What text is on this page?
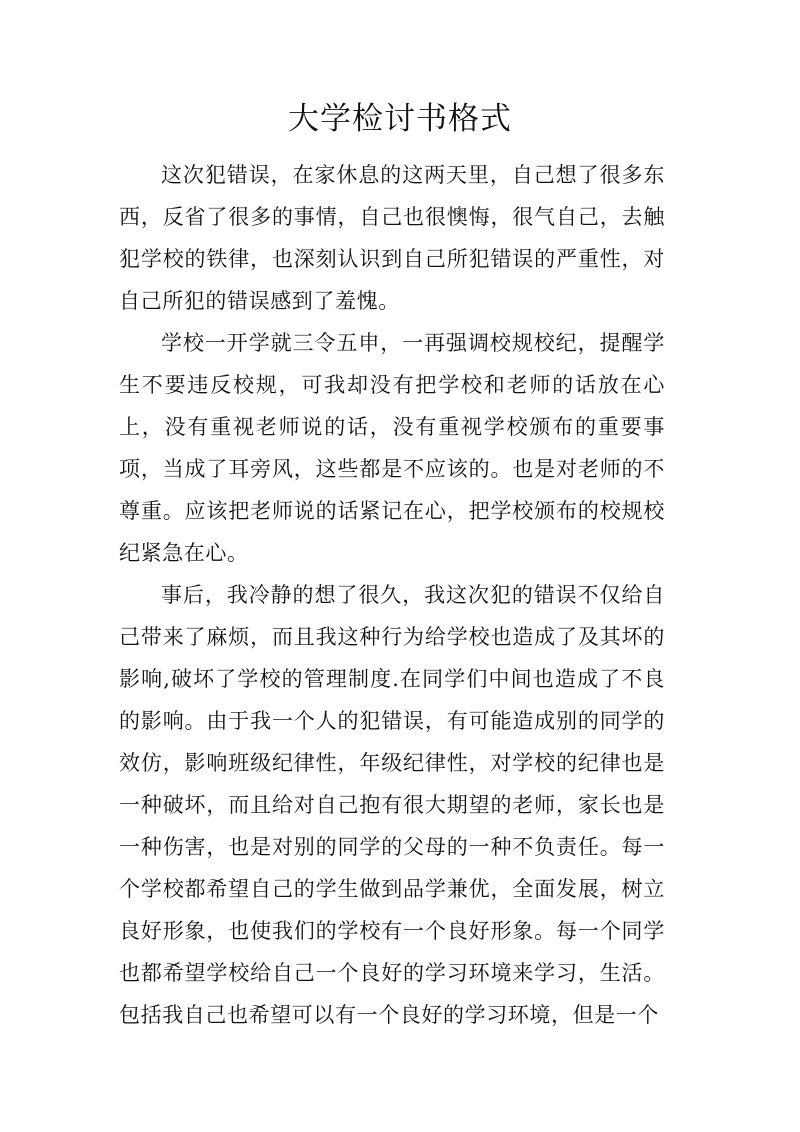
大学检讨书格式

这次犯错误，在家休息的这两天里，自己想了很多东西，反省了很多的事情，自己也很懊悔，很气自己，去触犯学校的铁律，也深刻认识到自己所犯错误的严重性，对自己所犯的错误感到了羞愧。

学校一开学就三令五申，一再强调校规校纪，提醒学生不要违反校规，可我却没有把学校和老师的话放在心上，没有重视老师说的话，没有重视学校颁布的重要事项，当成了耳旁风，这些都是不应该的。也是对老师的不尊重。应该把老师说的话紧记在心，把学校颁布的校规校纪紧急在心。

事后，我冷静的想了很久，我这次犯的错误不仅给自己带来了麻烦，而且我这种行为给学校也造成了及其坏的影响,破坏了学校的管理制度.在同学们中间也造成了不良的影响。由于我一个人的犯错误，有可能造成别的同学的效仿，影响班级纪律性，年级纪律性，对学校的纪律也是一种破坏，而且给对自己抱有很大期望的老师，家长也是一种伤害，也是对别的同学的父母的一种不负责任。每一个学校都希望自己的学生做到品学兼优，全面发展，树立良好形象，也使我们的学校有一个良好形象。每一个同学也都希望学校给自己一个良好的学习环境来学习，生活。包括我自己也希望可以有一个良好的学习环境，但是一个
